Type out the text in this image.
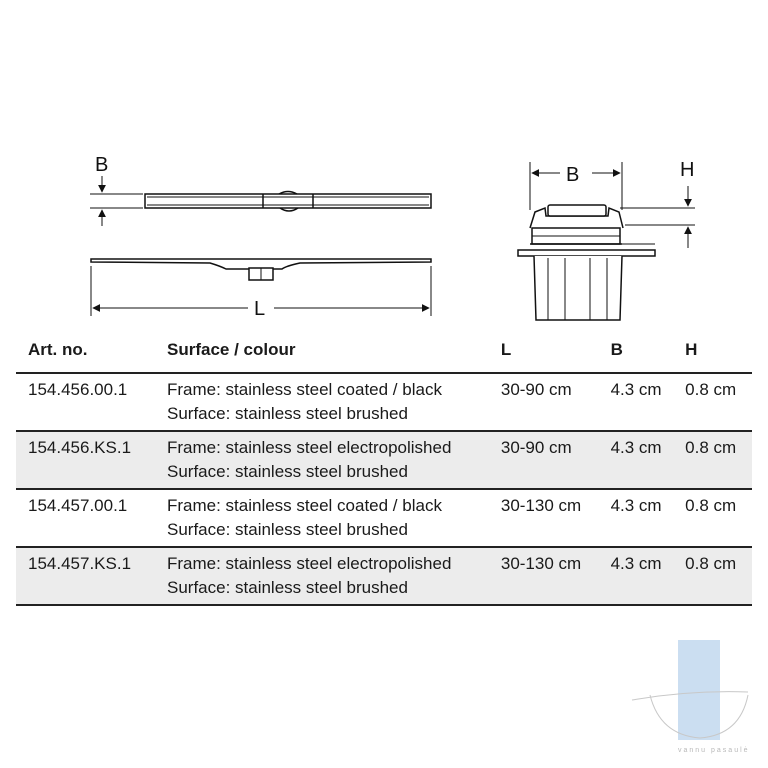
B
L
B	H
Art. no.	Surface / colour	L	B	H
154.456.00.1	Frame: stainless steel coated / black
Surface: stainless steel brushed	30-90 cm	4.3 cm	0.8 cm
154.456.KS.1	Frame: stainless steel electropolished
Surface: stainless steel brushed	30-90 cm	4.3 cm	0.8 cm
154.457.00.1	Frame: stainless steel coated / black
Surface: stainless steel brushed	30-130 cm	4.3 cm	0.8 cm
154.457.KS.1	Frame: stainless steel electropolished
Surface: stainless steel brushed	30-130 cm	4.3 cm	0.8 cm
vannu pasaulė
